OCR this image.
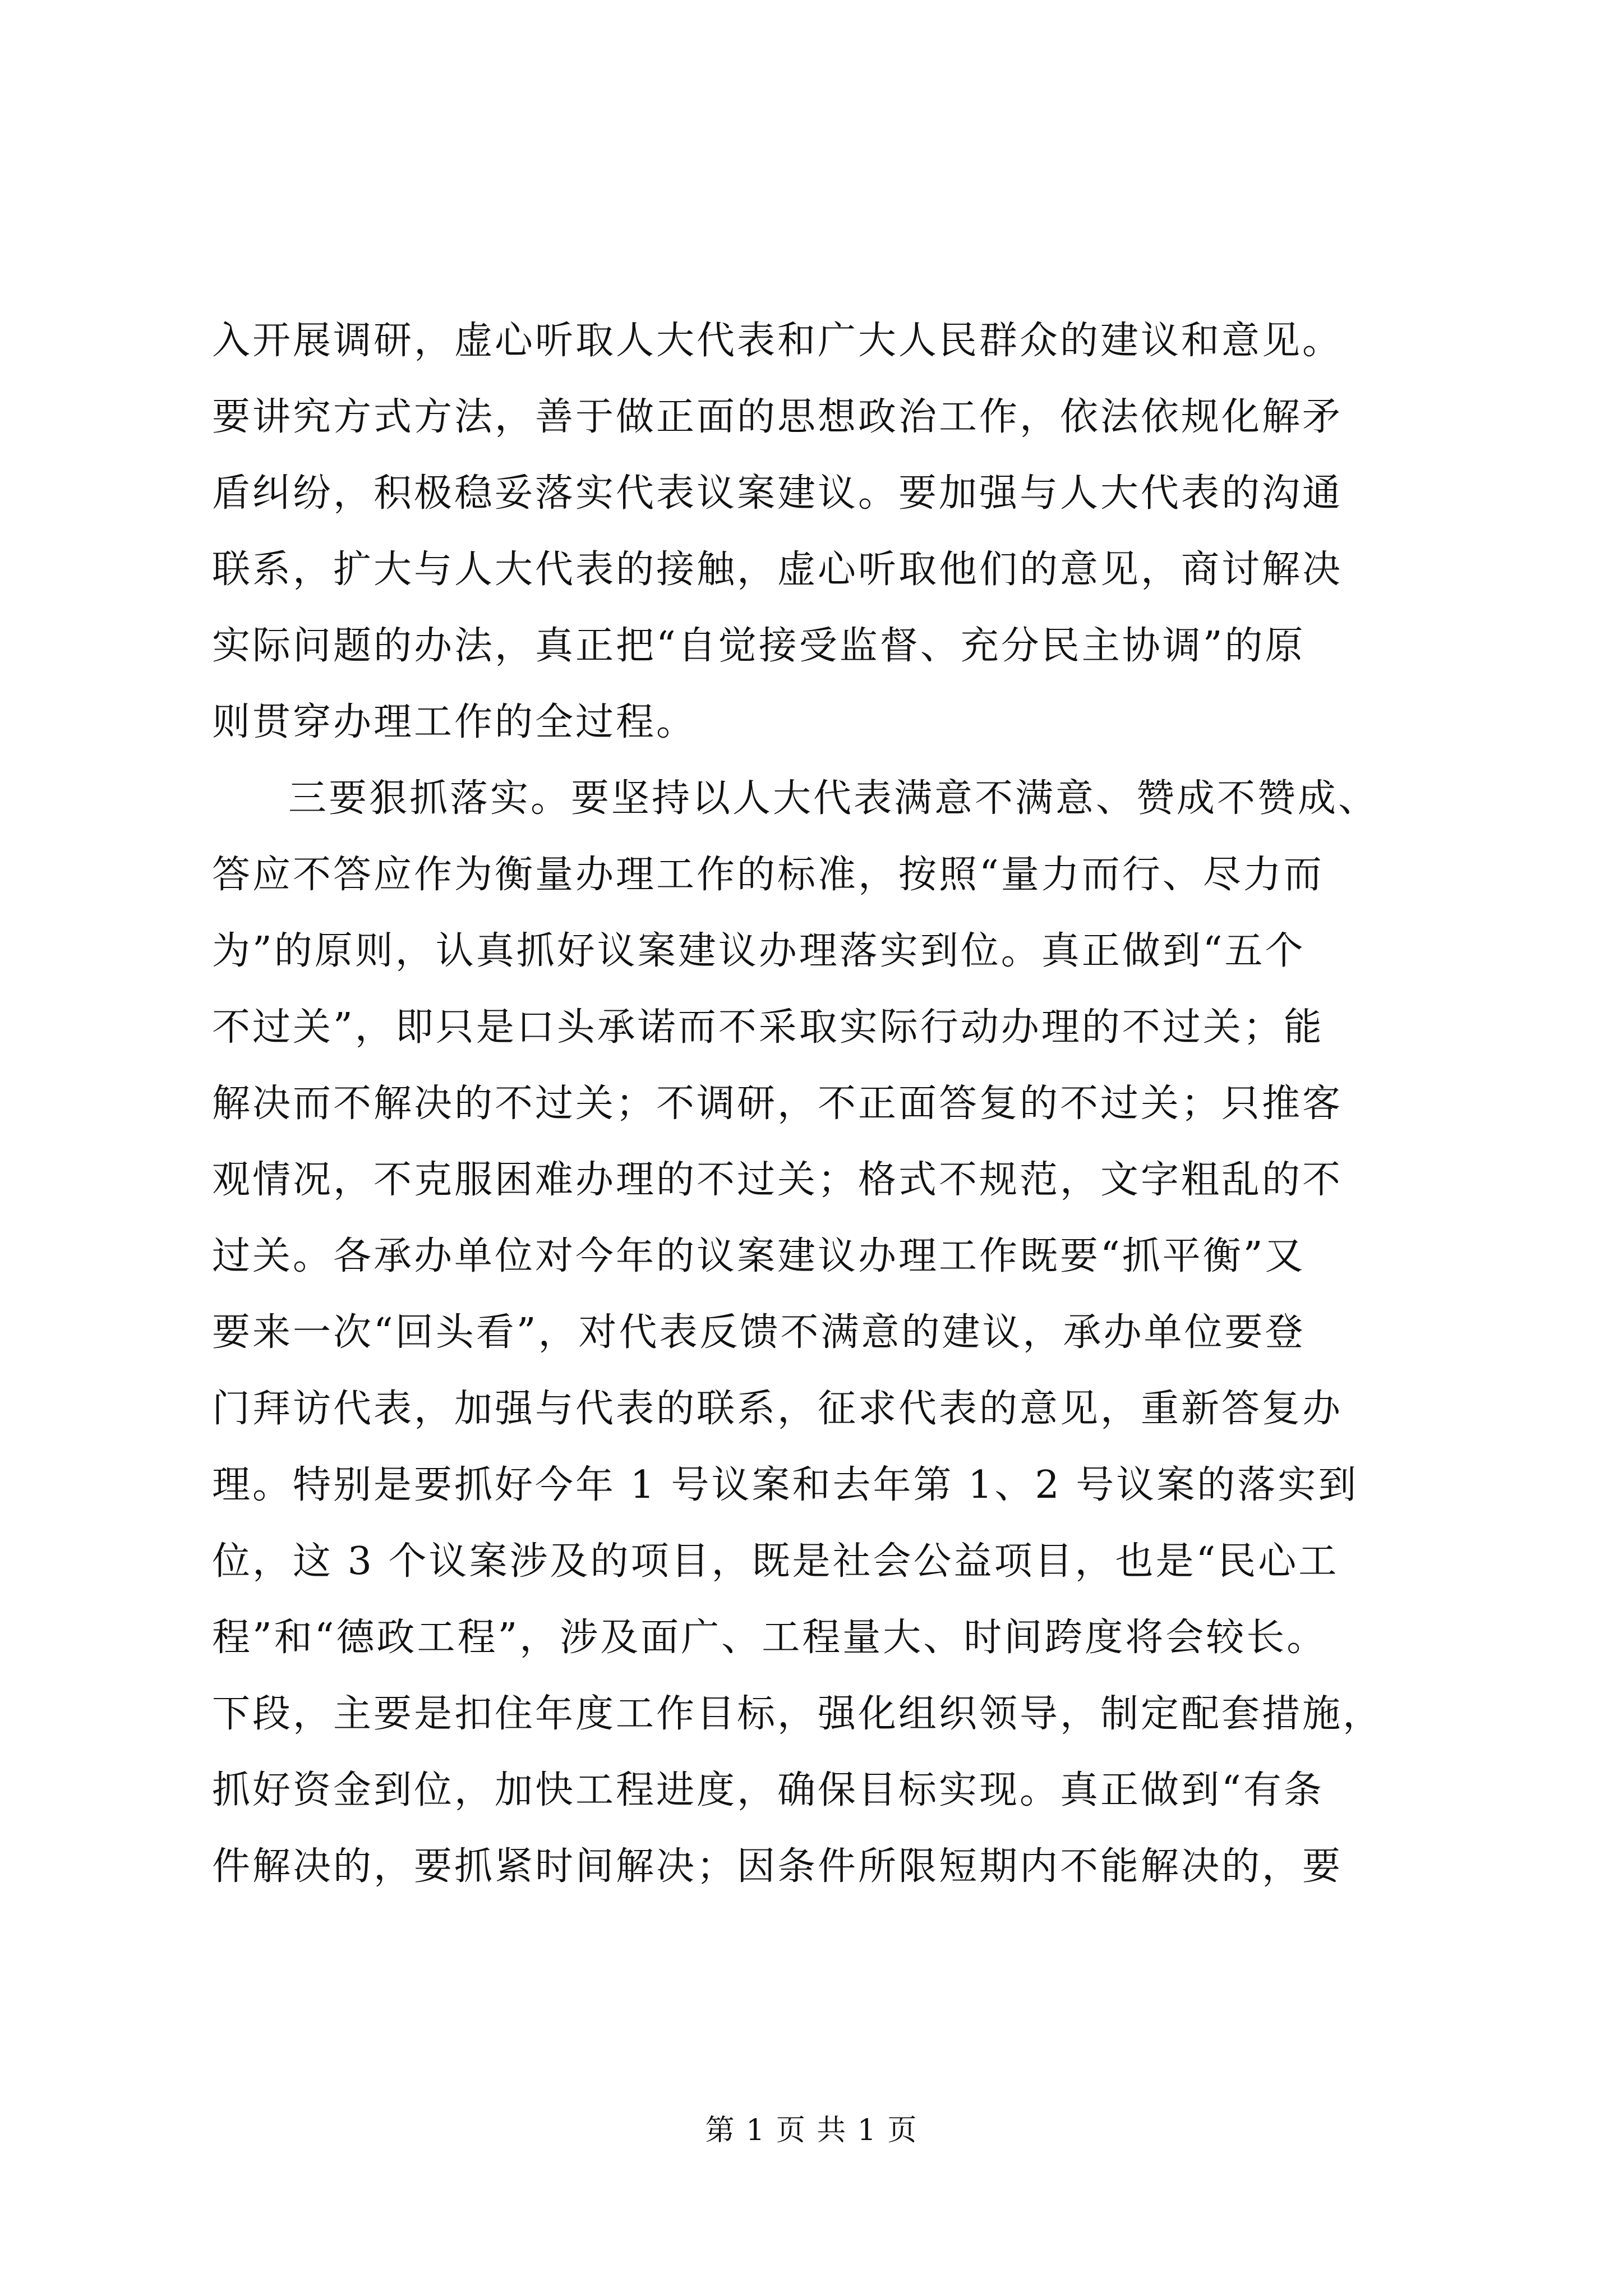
入开展调研，虚心听取人大代表和广大人民群众的建议和意见。
要讲究方式方法，善于做正面的思想政治工作，依法依规化解矛
盾纠纷，积极稳妥落实代表议案建议。要加强与人大代表的沟通
联系，扩大与人大代表的接触，虚心听取他们的意见，商讨解决
实际问题的办法，真正把“自觉接受监督、充分民主协调”的原
则贯穿办理工作的全过程。
三要狠抓落实。要坚持以人大代表满意不满意、赞成不赞成、
答应不答应作为衡量办理工作的标准，按照“量力而行、尽力而
为”的原则，认真抓好议案建议办理落实到位。真正做到“五个
不过关”，即只是口头承诺而不采取实际行动办理的不过关；能
解决而不解决的不过关；不调研，不正面答复的不过关；只推客
观情况，不克服困难办理的不过关；格式不规范，文字粗乱的不
过关。各承办单位对今年的议案建议办理工作既要“抓平衡”又
要来一次“回头看”，对代表反馈不满意的建议，承办单位要登
门拜访代表，加强与代表的联系，征求代表的意见，重新答复办
理。特别是要抓好今年 1 号议案和去年第 1、2 号议案的落实到
位，这 3 个议案涉及的项目，既是社会公益项目，也是“民心工
程”和“德政工程”，涉及面广、工程量大、时间跨度将会较长。
下段，主要是扣住年度工作目标，强化组织领导，制定配套措施，
抓好资金到位，加快工程进度，确保目标实现。真正做到“有条
件解决的，要抓紧时间解决；因条件所限短期内不能解决的，要
第 1 页 共 1 页
